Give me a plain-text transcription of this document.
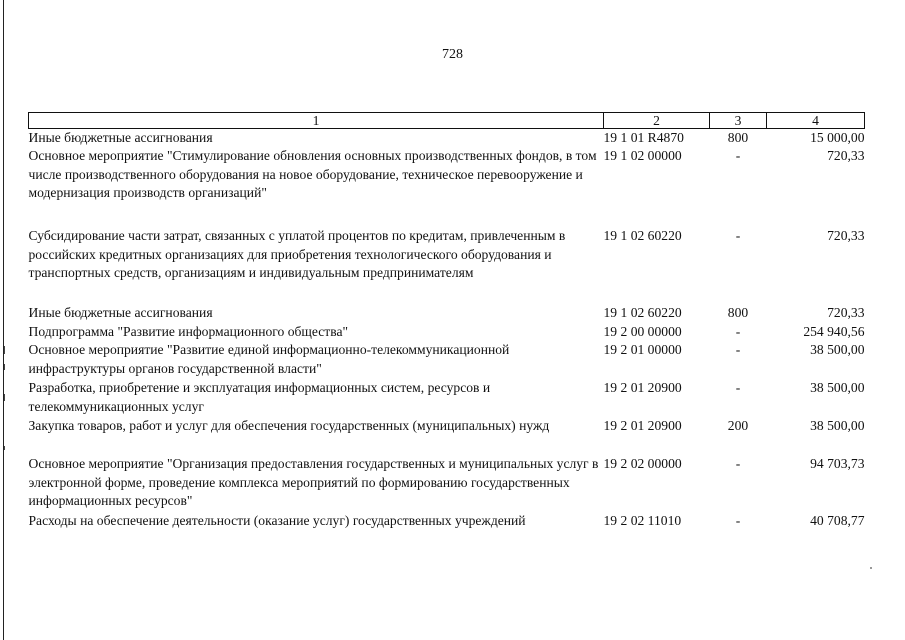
728
1	2	3	4
Иные бюджетные ассигнования	19 1 01 R4870	800	15 000,00
Основное мероприятие "Стимулирование обновления основных производственных фондов, в том числе производственного оборудования на новое оборудование, техническое перевооружение и модернизация производств организаций"	19 1 02 00000	-	720,33
Субсидирование части затрат, связанных с уплатой процентов по кредитам, привлеченным в российских кредитных организациях для приобретения технологического оборудования и транспортных средств, организациям и индивидуальным предпринимателям	19 1 02 60220	-	720,33
Иные бюджетные ассигнования	19 1 02 60220	800	720,33
Подпрограмма "Развитие информационного общества"	19 2 00 00000	-	254 940,56
Основное мероприятие "Развитие единой информационно-телекоммуникационной инфраструктуры органов государственной власти"	19 2 01 00000	-	38 500,00
Разработка, приобретение и эксплуатация информационных систем, ресурсов и телекоммуникационных услуг	19 2 01 20900	-	38 500,00
Закупка товаров, работ и услуг для обеспечения государственных (муниципальных) нужд	19 2 01 20900	200	38 500,00
Основное мероприятие "Организация предоставления государственных и муниципальных услуг в электронной форме, проведение комплекса мероприятий по формированию государственных информационных ресурсов"	19 2 02 00000	-	94 703,73
Расходы на обеспечение деятельности (оказание услуг) государственных учреждений	19 2 02 11010	-	40 708,77
